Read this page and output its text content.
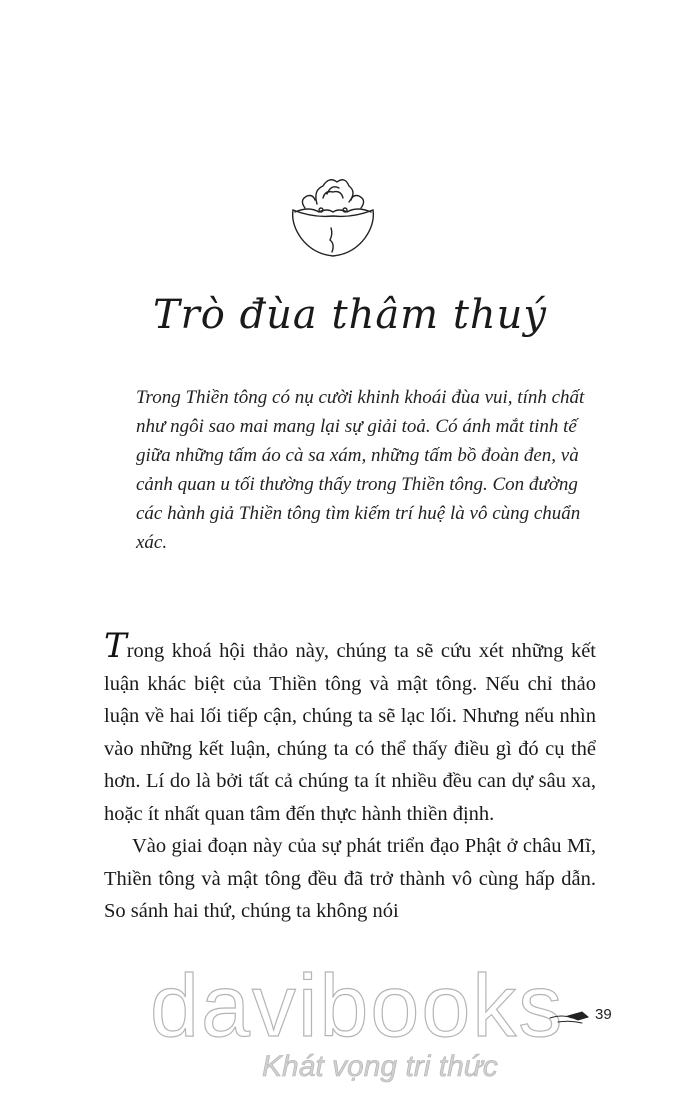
Trò đùa thâm thuý
Trong Thiền tông có nụ cười khinh khoái đùa vui, tính chất như ngôi sao mai mang lại sự giải toả. Có ánh mắt tinh tế giữa những tấm áo cà sa xám, những tấm bồ đoàn đen, và cảnh quan u tối thường thấy trong Thiền tông. Con đường các hành giả Thiền tông tìm kiếm trí huệ là vô cùng chuẩn xác.

Trong khoá hội thảo này, chúng ta sẽ cứu xét những kết luận khác biệt của Thiền tông và mật tông. Nếu chỉ thảo luận về hai lối tiếp cận, chúng ta sẽ lạc lối. Nhưng nếu nhìn vào những kết luận, chúng ta có thể thấy điều gì đó cụ thể hơn. Lí do là bởi tất cả chúng ta ít nhiều đều can dự sâu xa, hoặc ít nhất quan tâm đến thực hành thiền định.

Vào giai đoạn này của sự phát triển đạo Phật ở châu Mĩ, Thiền tông và mật tông đều đã trở thành vô cùng hấp dẫn. So sánh hai thứ, chúng ta không nói

davibooks
Khát vọng tri thức
39
